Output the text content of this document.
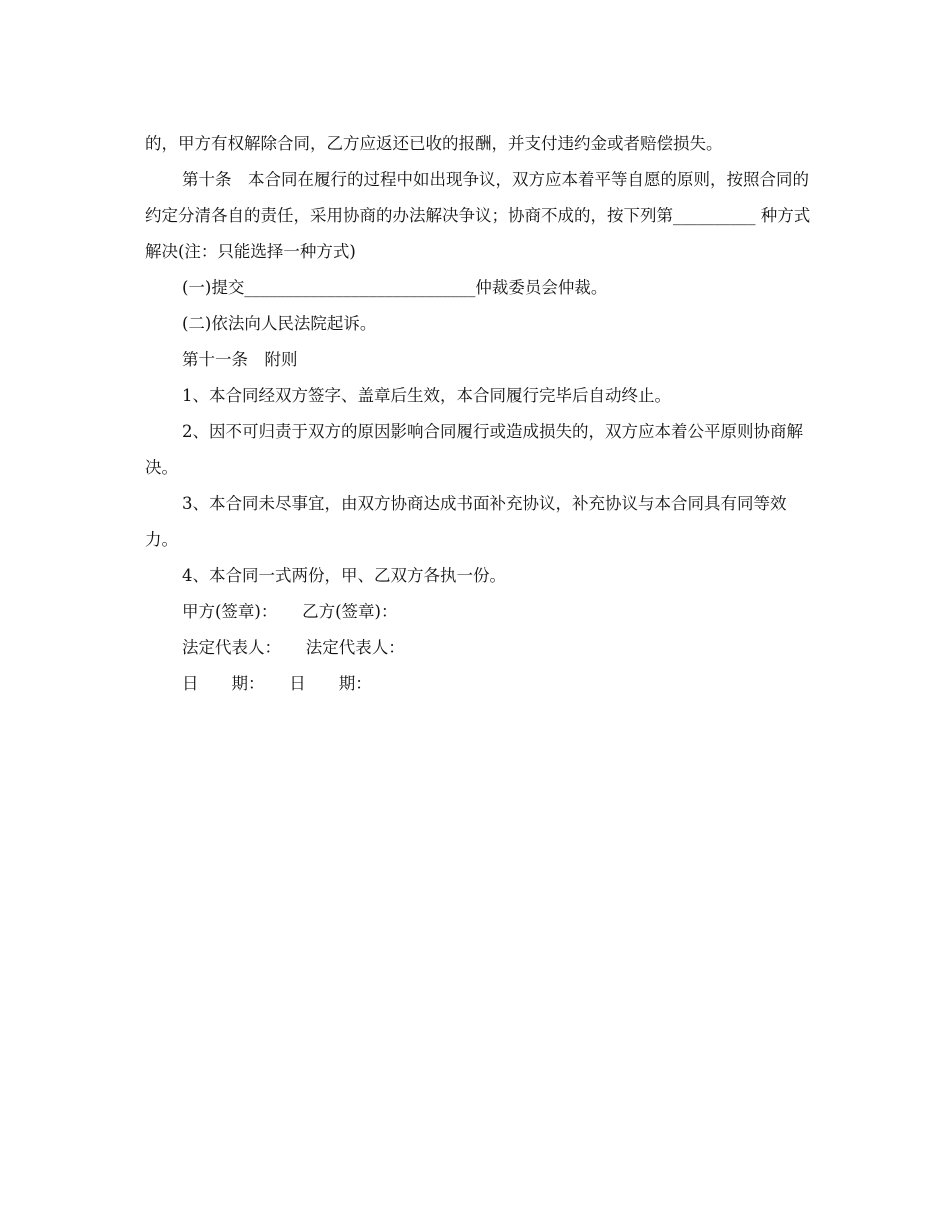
的，甲方有权解除合同，乙方应返还已收的报酬，并支付违约金或者赔偿损失。

第十条　本合同在履行的过程中如出现争议，双方应本着平等自愿的原则，按照合同的约定分清各自的责任，采用协商的办法解决争议；协商不成的，按下列第__________ 种方式解决(注：只能选择一种方式)

(一)提交____________________________仲裁委员会仲裁。

(二)依法向人民法院起诉。

第十一条　附则

1、本合同经双方签字、盖章后生效，本合同履行完毕后自动终止。

2、因不可归责于双方的原因影响合同履行或造成损失的，双方应本着公平原则协商解决。

3、本合同未尽事宜，由双方协商达成书面补充协议，补充协议与本合同具有同等效力。

4、本合同一式两份，甲、乙双方各执一份。

甲方(签章)：　　乙方(签章)：

法定代表人：　　法定代表人：

日　　期：　　日　　期：
